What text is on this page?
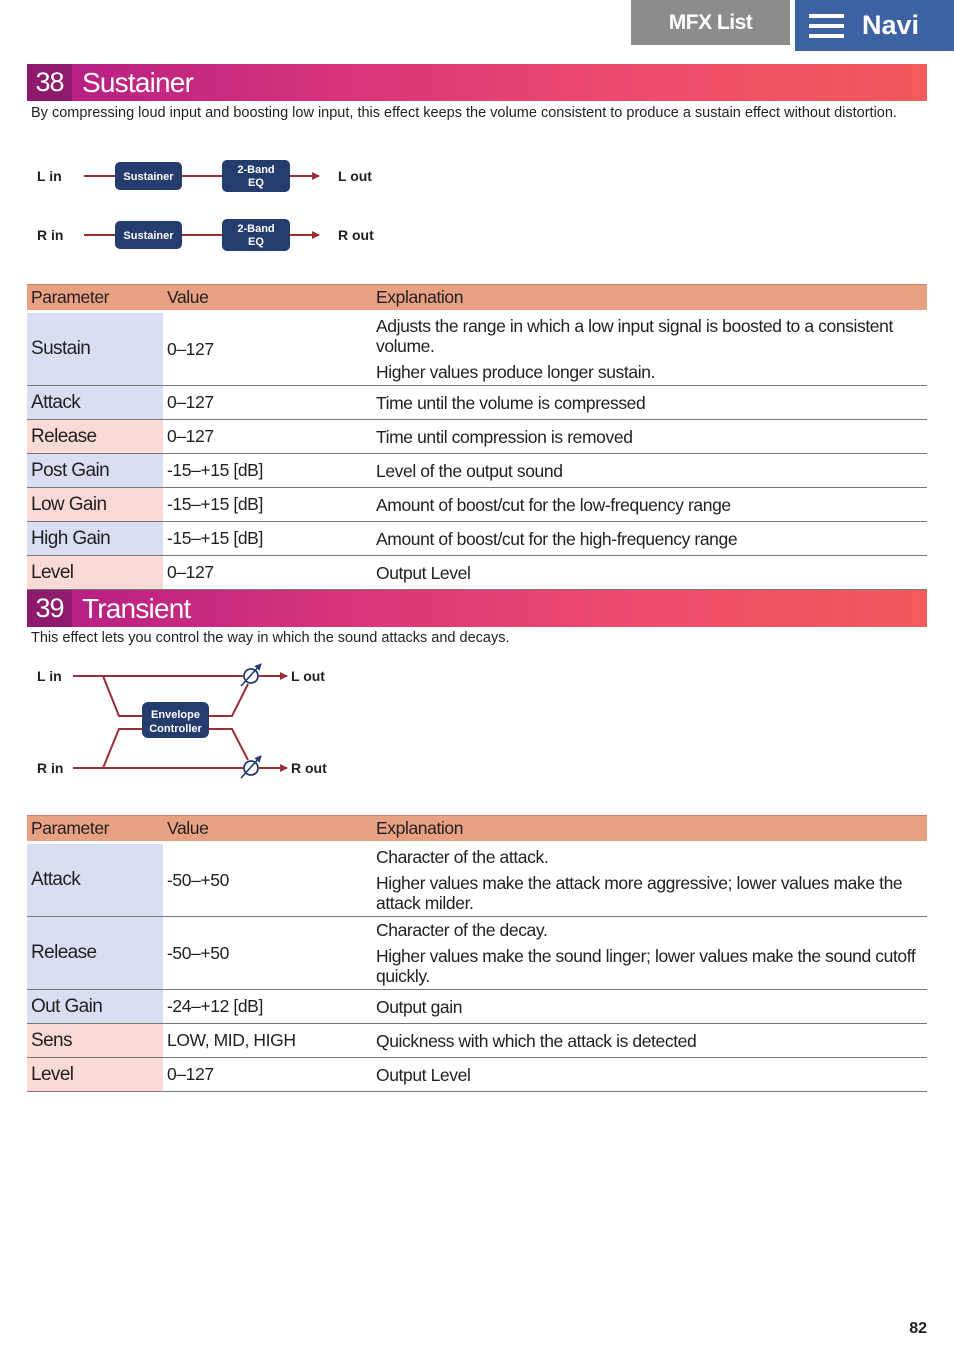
MFX List	Navi
38 Sustainer
By compressing loud input and boosting low input, this effect keeps the volume consistent to produce a sustain effect without distortion.
L in	Sustainer
2-Band
EQ	L out
R in	Sustainer
2-Band
EQ	R out
Parameter	Value	Explanation
Sustain	0–127	Adjusts the range in which a low input signal is boosted to a consistent volume.

Higher values produce longer sustain.

Attack	0–127	Time until the volume is compressed

Release	0–127	Time until compression is removed

Post Gain	-15–+15 [dB]	Level of the output sound

Low Gain	-15–+15 [dB]	Amount of boost/cut for the low-frequency range

High Gain	-15–+15 [dB]	Amount of boost/cut for the high-frequency range

Level	0–127	Output Level

39 Transient
This effect lets you control the way in which the sound attacks and decays.
L in
R in
L out
R out
Envelope
Controller
Parameter	Value	Explanation
Attack	-50–+50	Character of the attack.

Higher values make the attack more aggressive; lower values make the attack milder.

Release	-50–+50	Character of the decay.

Higher values make the sound linger; lower values make the sound cutoff quickly.

Out Gain	-24–+12 [dB]	Output gain

Sens	LOW, MID, HIGH	Quickness with which the attack is detected

Level	0–127	Output Level

82
